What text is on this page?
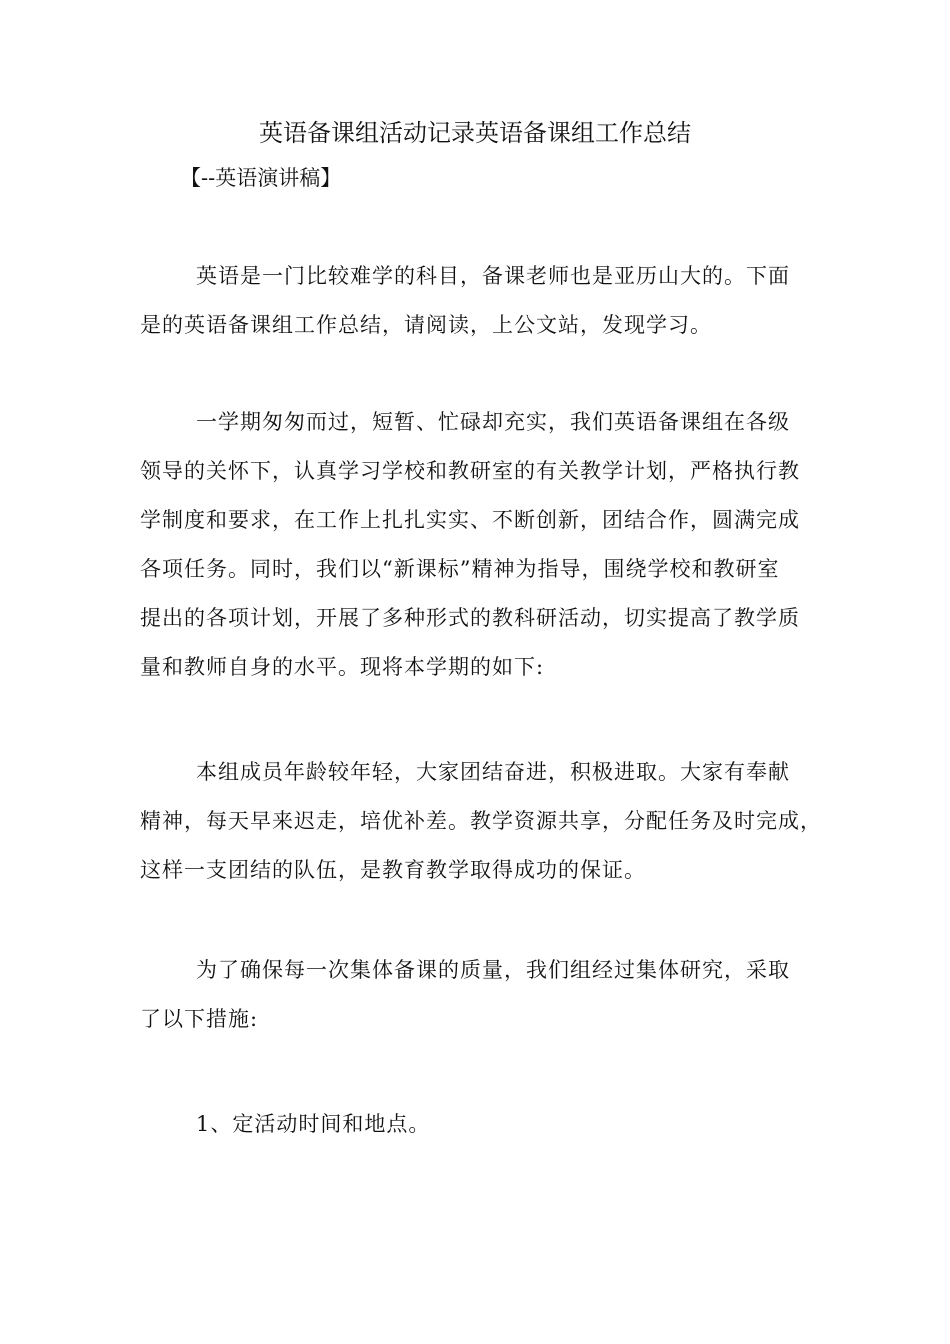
英语备课组活动记录英语备课组工作总结
【--英语演讲稿】
英语是一门比较难学的科目，备课老师也是亚历山大的。下面
是的英语备课组工作总结，请阅读，上公文站，发现学习。
一学期匆匆而过，短暂、忙碌却充实，我们英语备课组在各级
领导的关怀下，认真学习学校和教研室的有关教学计划，严格执行教
学制度和要求，在工作上扎扎实实、不断创新，团结合作，圆满完成
各项任务。同时，我们以“新课标”精神为指导，围绕学校和教研室
提出的各项计划，开展了多种形式的教科研活动，切实提高了教学质
量和教师自身的水平。现将本学期的如下:
本组成员年龄较年轻，大家团结奋进，积极进取。大家有奉献
精神，每天早来迟走，培优补差。教学资源共享，分配任务及时完成，
这样一支团结的队伍，是教育教学取得成功的保证。
为了确保每一次集体备课的质量，我们组经过集体研究，采取
了以下措施:
1、定活动时间和地点。
